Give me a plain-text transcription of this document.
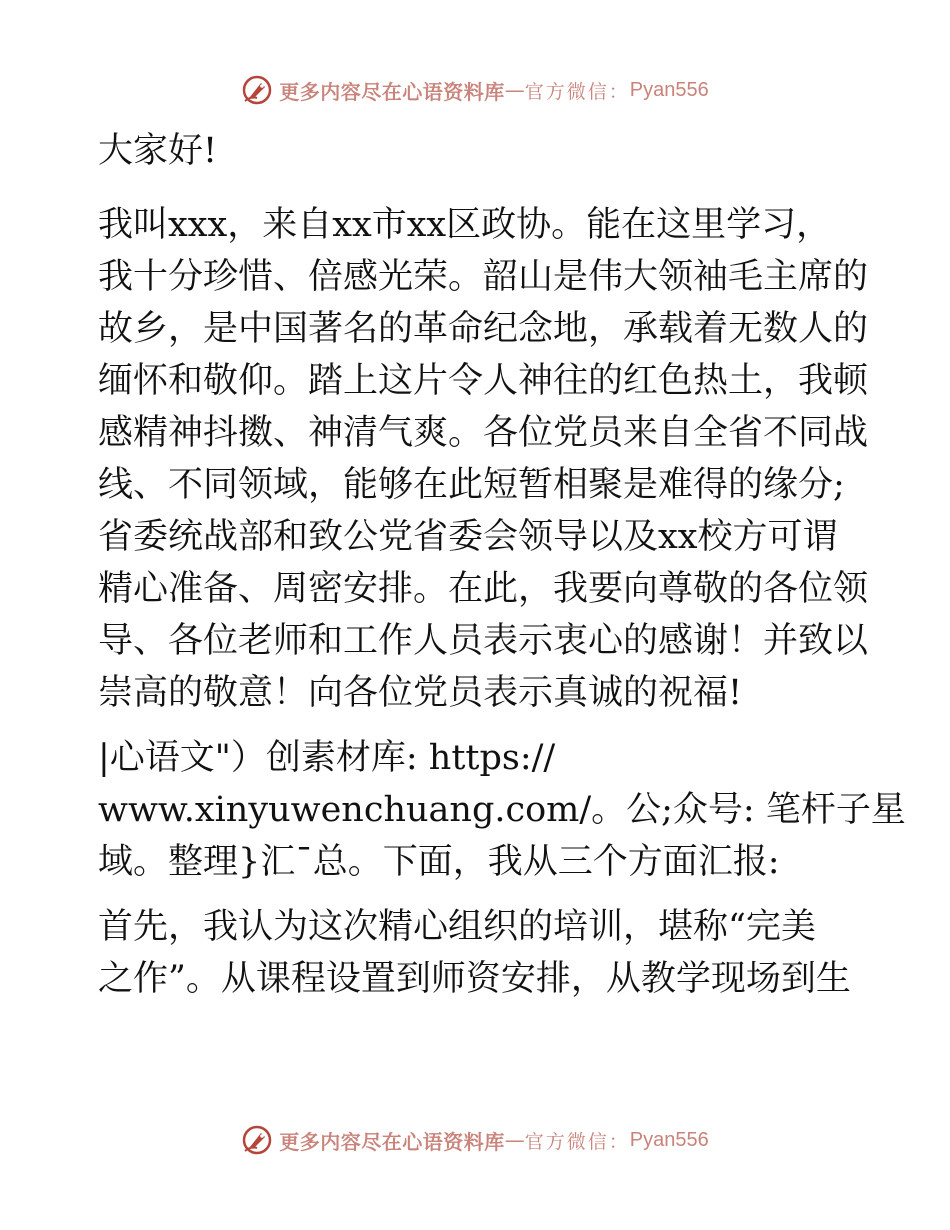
更多内容尽在心语资料库 — 官方微信： Pyan556

大家好!

我叫xxx，来自xx市xx区政协。能在这里学习，
我十分珍惜、倍感光荣。韶山是伟大领袖毛主席的
故乡，是中国著名的革命纪念地，承载着无数人的
缅怀和敬仰。踏上这片令人神往的红色热土，我顿
感精神抖擞、神清气爽。各位党员来自全省不同战
线、不同领域，能够在此短暂相聚是难得的缘分;
省委统战部和致公党省委会领导以及xx校方可谓
精心准备、周密安排。在此，我要向尊敬的各位领
导、各位老师和工作人员表示衷心的感谢！并致以
崇高的敬意！向各位党员表示真诚的祝福!

|心语文"）创素材库: https://
www.xinyuwenchuang.com/。公;众号: 笔杆子星
域。整理}汇¯总。下面，我从三个方面汇报:

首先，我认为这次精心组织的培训，堪称“完美
之作”。从课程设置到师资安排，从教学现场到生

更多内容尽在心语资料库 — 官方微信： Pyan556
